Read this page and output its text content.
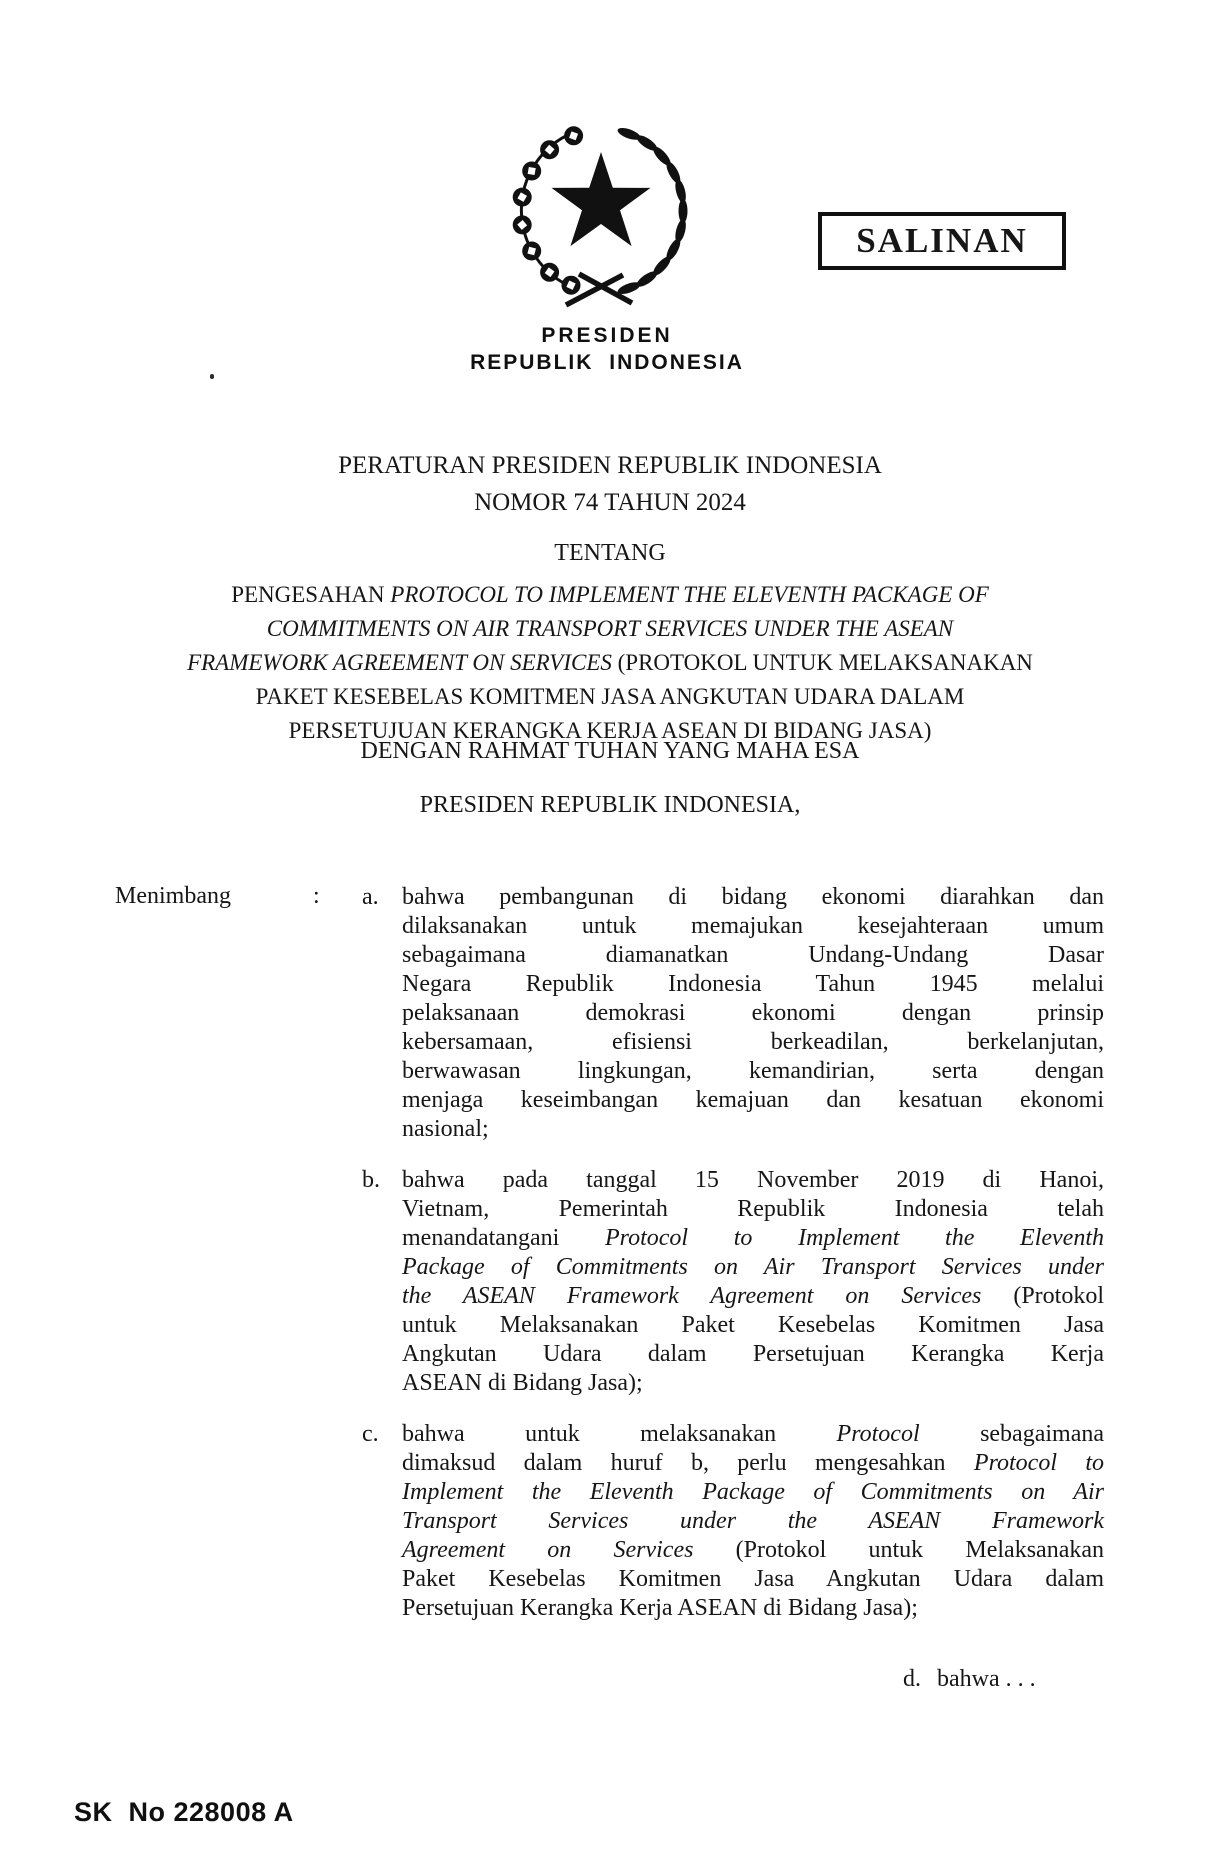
SALINAN
PRESIDEN
REPUBLIK INDONESIA
PERATURAN PRESIDEN REPUBLIK INDONESIA
NOMOR 74 TAHUN 2024
TENTANG
PENGESAHAN PROTOCOL TO IMPLEMENT THE ELEVENTH PACKAGE OF
COMMITMENTS ON AIR TRANSPORT SERVICES UNDER THE ASEAN
FRAMEWORK AGREEMENT ON SERVICES (PROTOKOL UNTUK MELAKSANAKAN
PAKET KESEBELAS KOMITMEN JASA ANGKUTAN UDARA DALAM
PERSETUJUAN KERANGKA KERJA ASEAN DI BIDANG JASA)
DENGAN RAHMAT TUHAN YANG MAHA ESA
PRESIDEN REPUBLIK INDONESIA,
Menimbang	: a. bahwa pembangunan di bidang ekonomi diarahkan dan
dilaksanakan untuk memajukan kesejahteraan umum
sebagaimana diamanatkan Undang-Undang Dasar
Negara Republik Indonesia Tahun 1945 melalui
pelaksanaan demokrasi ekonomi dengan prinsip
kebersamaan, efisiensi berkeadilan, berkelanjutan,
berwawasan lingkungan, kemandirian, serta dengan
menjaga keseimbangan kemajuan dan kesatuan ekonomi
nasional;
b. bahwa pada tanggal 15 November 2019 di Hanoi,
Vietnam, Pemerintah Republik Indonesia telah
menandatangani Protocol to Implement the Eleventh
Package of Commitments on Air Transport Services under
the ASEAN Framework Agreement on Services (Protokol
untuk Melaksanakan Paket Kesebelas Komitmen Jasa
Angkutan Udara dalam Persetujuan Kerangka Kerja
ASEAN di Bidang Jasa);
c. bahwa untuk melaksanakan Protocol sebagaimana
dimaksud dalam huruf b, perlu mengesahkan Protocol to
Implement the Eleventh Package of Commitments on Air
Transport Services under the ASEAN Framework
Agreement on Services (Protokol untuk Melaksanakan
Paket Kesebelas Komitmen Jasa Angkutan Udara dalam
Persetujuan Kerangka Kerja ASEAN di Bidang Jasa);
d. bahwa . . .
SK  No 228008 A
